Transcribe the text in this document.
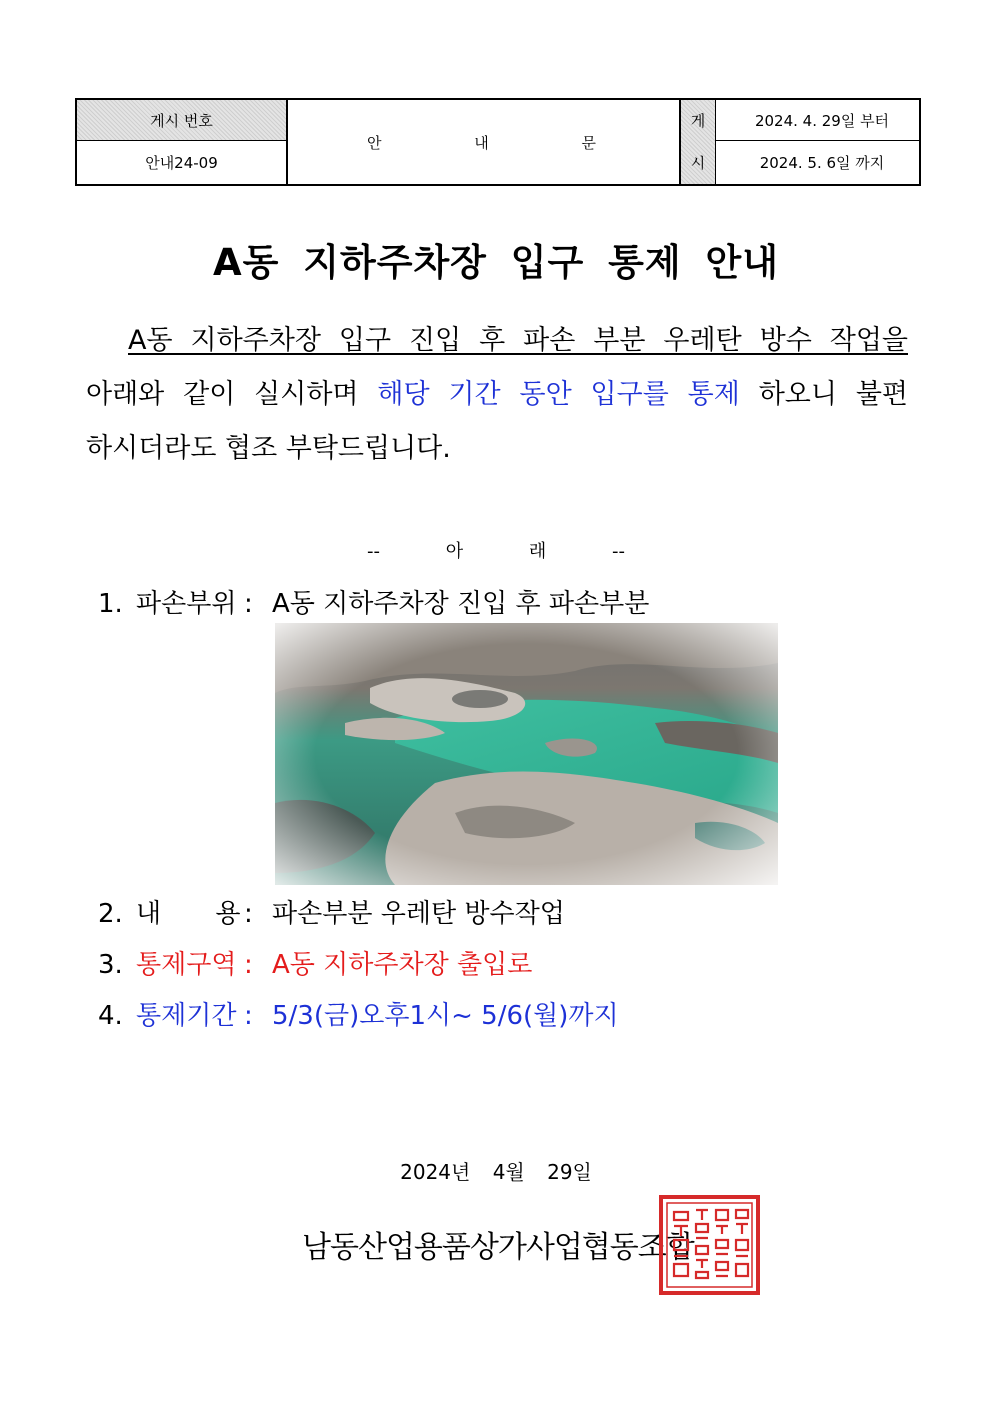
게시 번호
안내24-09
안 내 문
게
시
2024. 4. 29일 부터
2024. 5. 6일 까지
A동 지하주차장 입구 통제 안내
A동 지하주차장 입구 진입 후 파손 부분 우레탄 방수 작업을
아래와 같이 실시하며 해당 기간 동안 입구를 통제 하오니 불편
하시더라도 협조 부탁드립니다.
-- 아 래 --
1. 파손부위 : A동 지하주차장 진입 후 파손부분
2. 내 용 : 파손부분 우레탄 방수작업
3. 통제구역 : A동 지하주차장 출입로
4. 통제기간 : 5/3(금)오후1시~ 5/6(월)까지
2024년 4월 29일
남동산업용품상가사업협동조합
